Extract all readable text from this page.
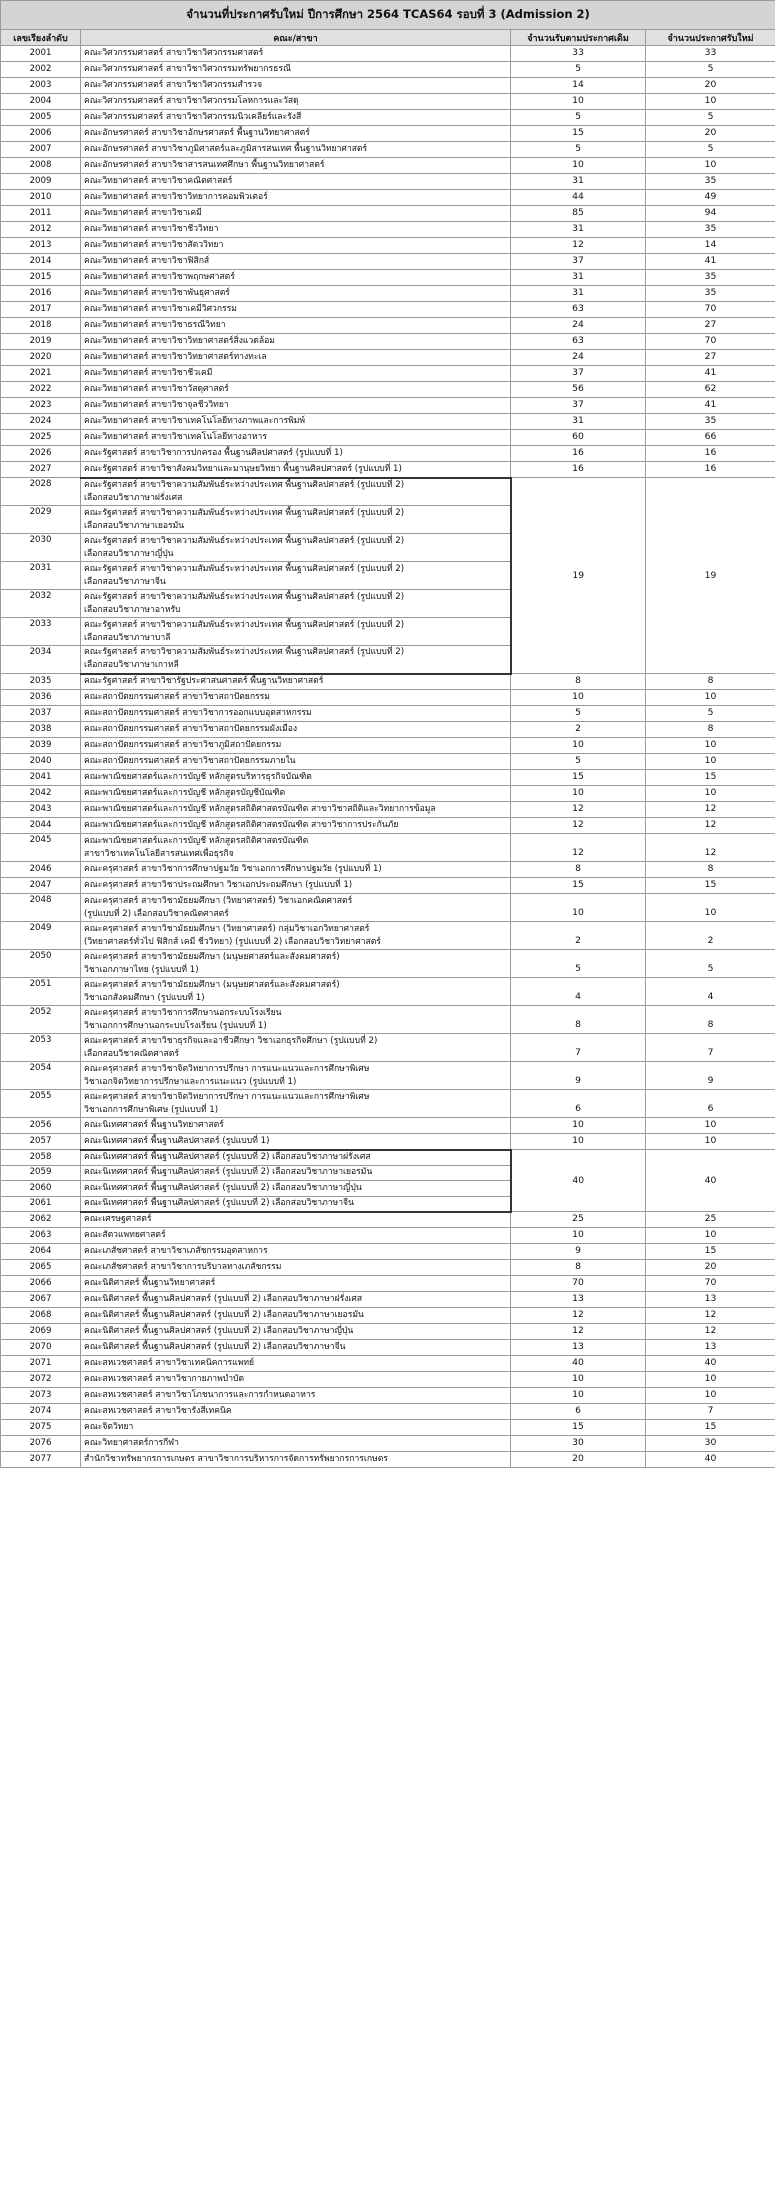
จำนวนที่ประกาศรับใหม่ ปีการศึกษา 2564 TCAS64 รอบที่ 3 (Admission 2)			
เลขเรียงลำดับ	คณะ/สาขา	จำนวนรับตามประกาศเดิม	จำนวนประกาศรับใหม่
2001	คณะวิศวกรรมศาสตร์ สาขาวิชาวิศวกรรมศาสตร์	33	33
2002	คณะวิศวกรรมศาสตร์ สาขาวิชาวิศวกรรมทรัพยากรธรณี	5	5
2003	คณะวิศวกรรมศาสตร์ สาขาวิชาวิศวกรรมสำรวจ	14	20
2004	คณะวิศวกรรมศาสตร์ สาขาวิชาวิศวกรรมโลหการและวัสดุ	10	10
2005	คณะวิศวกรรมศาสตร์ สาขาวิชาวิศวกรรมนิวเคลียร์และรังสี	5	5
2006	คณะอักษรศาสตร์ สาขาวิชาอักษรศาสตร์ พื้นฐานวิทยาศาสตร์	15	20
2007	คณะอักษรศาสตร์ สาขาวิชาภูมิศาสตร์และภูมิสารสนเทศ พื้นฐานวิทยาศาสตร์	5	5
2008	คณะอักษรศาสตร์ สาขาวิชาสารสนเทศศึกษา พื้นฐานวิทยาศาสตร์	10	10
2009	คณะวิทยาศาสตร์ สาขาวิชาคณิตศาสตร์	31	35
2010	คณะวิทยาศาสตร์ สาขาวิชาวิทยาการคอมพิวเตอร์	44	49
2011	คณะวิทยาศาสตร์ สาขาวิชาเคมี	85	94
2012	คณะวิทยาศาสตร์ สาขาวิชาชีววิทยา	31	35
2013	คณะวิทยาศาสตร์ สาขาวิชาสัตววิทยา	12	14
2014	คณะวิทยาศาสตร์ สาขาวิชาฟิสิกส์	37	41
2015	คณะวิทยาศาสตร์ สาขาวิชาพฤกษศาสตร์	31	35
2016	คณะวิทยาศาสตร์ สาขาวิชาพันธุศาสตร์	31	35
2017	คณะวิทยาศาสตร์ สาขาวิชาเคมีวิศวกรรม	63	70
2018	คณะวิทยาศาสตร์ สาขาวิชาธรณีวิทยา	24	27
2019	คณะวิทยาศาสตร์ สาขาวิชาวิทยาศาสตร์สิ่งแวดล้อม	63	70
2020	คณะวิทยาศาสตร์ สาขาวิชาวิทยาศาสตร์ทางทะเล	24	27
2021	คณะวิทยาศาสตร์ สาขาวิชาชีวเคมี	37	41
2022	คณะวิทยาศาสตร์ สาขาวิชาวัสดุศาสตร์	56	62
2023	คณะวิทยาศาสตร์ สาขาวิชาจุลชีววิทยา	37	41
2024	คณะวิทยาศาสตร์ สาขาวิชาเทคโนโลยีทางภาพและการพิมพ์	31	35
2025	คณะวิทยาศาสตร์ สาขาวิชาเทคโนโลยีทางอาหาร	60	66
2026	คณะรัฐศาสตร์ สาขาวิชาการปกครอง พื้นฐานศิลปศาสตร์ (รูปแบบที่ 1)	16	16
2027	คณะรัฐศาสตร์ สาขาวิชาสังคมวิทยาและมานุษยวิทยา พื้นฐานศิลปศาสตร์ (รูปแบบที่ 1)	16	16
2028	คณะรัฐศาสตร์ สาขาวิชาความสัมพันธ์ระหว่างประเทศ พื้นฐานศิลปศาสตร์ (รูปแบบที่ 2)
เลือกสอบวิชาภาษาฝรั่งเศส	19	19
2029	คณะรัฐศาสตร์ สาขาวิชาความสัมพันธ์ระหว่างประเทศ พื้นฐานศิลปศาสตร์ (รูปแบบที่ 2)
เลือกสอบวิชาภาษาเยอรมัน		

2030	คณะรัฐศาสตร์ สาขาวิชาความสัมพันธ์ระหว่างประเทศ พื้นฐานศิลปศาสตร์ (รูปแบบที่ 2)
เลือกสอบวิชาภาษาญี่ปุ่น		

2031	คณะรัฐศาสตร์ สาขาวิชาความสัมพันธ์ระหว่างประเทศ พื้นฐานศิลปศาสตร์ (รูปแบบที่ 2)
เลือกสอบวิชาภาษาจีน		

2032	คณะรัฐศาสตร์ สาขาวิชาความสัมพันธ์ระหว่างประเทศ พื้นฐานศิลปศาสตร์ (รูปแบบที่ 2)
เลือกสอบวิชาภาษาอาหรับ		

2033	คณะรัฐศาสตร์ สาขาวิชาความสัมพันธ์ระหว่างประเทศ พื้นฐานศิลปศาสตร์ (รูปแบบที่ 2)
เลือกสอบวิชาภาษาบาลี		

2034	คณะรัฐศาสตร์ สาขาวิชาความสัมพันธ์ระหว่างประเทศ พื้นฐานศิลปศาสตร์ (รูปแบบที่ 2)
เลือกสอบวิชาภาษาเกาหลี		

2035	คณะรัฐศาสตร์ สาขาวิชารัฐประศาสนศาสตร์ พื้นฐานวิทยาศาสตร์	8	8
2036	คณะสถาปัตยกรรมศาสตร์ สาขาวิชาสถาปัตยกรรม	10	10
2037	คณะสถาปัตยกรรมศาสตร์ สาขาวิชาการออกแบบอุตสาหกรรม	5	5
2038	คณะสถาปัตยกรรมศาสตร์ สาขาวิชาสถาปัตยกรรมผังเมือง	2	8
2039	คณะสถาปัตยกรรมศาสตร์ สาขาวิชาภูมิสถาปัตยกรรม	10	10
2040	คณะสถาปัตยกรรมศาสตร์ สาขาวิชาสถาปัตยกรรมภายใน	5	10
2041	คณะพาณิชยศาสตร์และการบัญชี หลักสูตรบริหารธุรกิจบัณฑิต	15	15
2042	คณะพาณิชยศาสตร์และการบัญชี หลักสูตรบัญชีบัณฑิต	10	10
2043	คณะพาณิชยศาสตร์และการบัญชี หลักสูตรสถิติศาสตรบัณฑิต สาขาวิชาสถิติและวิทยาการข้อมูล	12	12
2044	คณะพาณิชยศาสตร์และการบัญชี หลักสูตรสถิติศาสตรบัณฑิต สาขาวิชาการประกันภัย	12	12
2045	คณะพาณิชยศาสตร์และการบัญชี หลักสูตรสถิติศาสตรบัณฑิต
สาขาวิชาเทคโนโลยีสารสนเทศเพื่อธุรกิจ	12	12
2046	คณะครุศาสตร์ สาขาวิชาการศึกษาปฐมวัย วิชาเอกการศึกษาปฐมวัย (รูปแบบที่ 1)	8	8
2047	คณะครุศาสตร์ สาขาวิชาประถมศึกษา วิชาเอกประถมศึกษา (รูปแบบที่ 1)	15	15
2048	คณะครุศาสตร์ สาขาวิชามัธยมศึกษา (วิทยาศาสตร์) วิชาเอกคณิตศาสตร์
(รูปแบบที่ 2) เลือกสอบวิชาคณิตศาสตร์	10	10
2049	คณะครุศาสตร์ สาขาวิชามัธยมศึกษา (วิทยาศาสตร์) กลุ่มวิชาเอกวิทยาศาสตร์
(วิทยาศาสตร์ทั่วไป ฟิสิกส์ เคมี ชีววิทยา) (รูปแบบที่ 2) เลือกสอบวิชาวิทยาศาสตร์	2	2
2050	คณะครุศาสตร์ สาขาวิชามัธยมศึกษา (มนุษยศาสตร์และสังคมศาสตร์)
วิชาเอกภาษาไทย (รูปแบบที่ 1)	5	5
2051	คณะครุศาสตร์ สาขาวิชามัธยมศึกษา (มนุษยศาสตร์และสังคมศาสตร์)
วิชาเอกสังคมศึกษา (รูปแบบที่ 1)	4	4
2052	คณะครุศาสตร์ สาขาวิชาการศึกษานอกระบบโรงเรียน
วิชาเอกการศึกษานอกระบบโรงเรียน (รูปแบบที่ 1)	8	8
2053	คณะครุศาสตร์ สาขาวิชาธุรกิจและอาชีวศึกษา วิชาเอกธุรกิจศึกษา (รูปแบบที่ 2)
เลือกสอบวิชาคณิตศาสตร์	7	7
2054	คณะครุศาสตร์ สาขาวิชาจิตวิทยาการปรึกษา การแนะแนวและการศึกษาพิเศษ
วิชาเอกจิตวิทยาการปรึกษาและการแนะแนว (รูปแบบที่ 1)	9	9
2055	คณะครุศาสตร์ สาขาวิชาจิตวิทยาการปรึกษา การแนะแนวและการศึกษาพิเศษ
วิชาเอกการศึกษาพิเศษ (รูปแบบที่ 1)	6	6
2056	คณะนิเทศศาสตร์ พื้นฐานวิทยาศาสตร์	10	10
2057	คณะนิเทศศาสตร์ พื้นฐานศิลปศาสตร์ (รูปแบบที่ 1)	10	10
2058	คณะนิเทศศาสตร์ พื้นฐานศิลปศาสตร์ (รูปแบบที่ 2) เลือกสอบวิชาภาษาฝรั่งเศส	40	40
2059	คณะนิเทศศาสตร์ พื้นฐานศิลปศาสตร์ (รูปแบบที่ 2) เลือกสอบวิชาภาษาเยอรมัน		

2060	คณะนิเทศศาสตร์ พื้นฐานศิลปศาสตร์ (รูปแบบที่ 2) เลือกสอบวิชาภาษาญี่ปุ่น		

2061	คณะนิเทศศาสตร์ พื้นฐานศิลปศาสตร์ (รูปแบบที่ 2) เลือกสอบวิชาภาษาจีน		

2062	คณะเศรษฐศาสตร์	25	25
2063	คณะสัตวแพทยศาสตร์	10	10
2064	คณะเภสัชศาสตร์ สาขาวิชาเภสัชกรรมอุตสาหการ	9	15
2065	คณะเภสัชศาสตร์ สาขาวิชาการบริบาลทางเภสัชกรรม	8	20
2066	คณะนิติศาสตร์ พื้นฐานวิทยาศาสตร์	70	70
2067	คณะนิติศาสตร์ พื้นฐานศิลปศาสตร์ (รูปแบบที่ 2) เลือกสอบวิชาภาษาฝรั่งเศส	13	13
2068	คณะนิติศาสตร์ พื้นฐานศิลปศาสตร์ (รูปแบบที่ 2) เลือกสอบวิชาภาษาเยอรมัน	12	12
2069	คณะนิติศาสตร์ พื้นฐานศิลปศาสตร์ (รูปแบบที่ 2) เลือกสอบวิชาภาษาญี่ปุ่น	12	12
2070	คณะนิติศาสตร์ พื้นฐานศิลปศาสตร์ (รูปแบบที่ 2) เลือกสอบวิชาภาษาจีน	13	13
2071	คณะสหเวชศาสตร์ สาขาวิชาเทคนิคการแพทย์	40	40
2072	คณะสหเวชศาสตร์ สาขาวิชากายภาพบำบัด	10	10
2073	คณะสหเวชศาสตร์ สาขาวิชาโภชนาการและการกำหนดอาหาร	10	10
2074	คณะสหเวชศาสตร์ สาขาวิชารังสีเทคนิค	6	7
2075	คณะจิตวิทยา	15	15
2076	คณะวิทยาศาสตร์การกีฬา	30	30
2077	สำนักวิชาทรัพยากรการเกษตร สาขาวิชาการบริหารการจัดการทรัพยากรการเกษตร	20	40
